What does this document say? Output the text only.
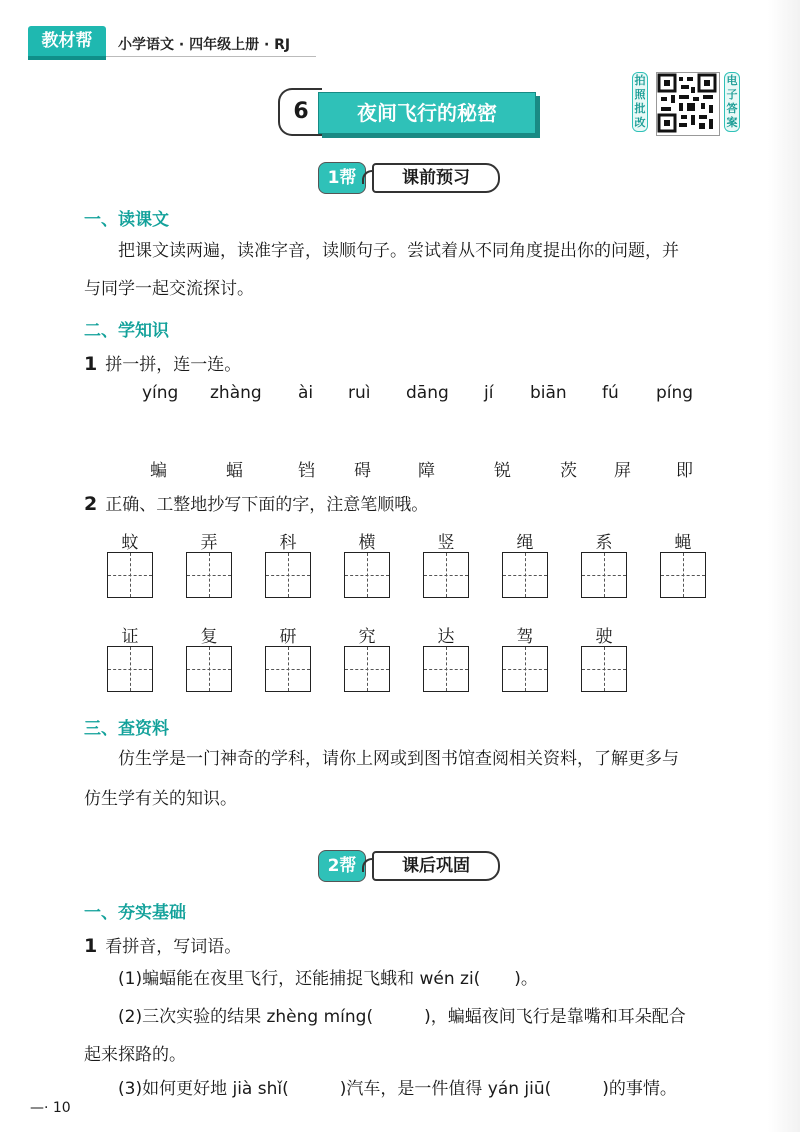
教材帮	小学语文 · 四年级上册 · RJ
6	夜间飞行的秘密
拍照批改
电子答案
1帮	课前预习
一、读课文
把课文读两遍，读准字音，读顺句子。尝试着从不同角度提出你的问题，并
与同学一起交流探讨。
二、学知识
1 拼一拼，连一连。
yíng zhàng ài ruì dāng jí biān fú píng
蝙	蝠	铛 碍	障	锐	茨 屏	即
2 正确、工整地抄写下面的字，注意笔顺哦。
蚊	弄	科	横	竖	绳	系	蝇
证	复	研	究	达	驾	驶
三、查资料
仿生学是一门神奇的学科，请你上网或到图书馆查阅相关资料，了解更多与
仿生学有关的知识。
2帮	课后巩固
一、夯实基础
1 看拼音，写词语。
(1)蝙蝠能在夜里飞行，还能捕捉飞蛾和 wén zi(　　)。
(2)三次实验的结果 zhèng míng(　　　)，蝙蝠夜间飞行是靠嘴和耳朵配合
起来探路的。
(3)如何更好地 jià shǐ(　　　)汽车，是一件值得 yán jiū(　　　)的事情。
—· 10
